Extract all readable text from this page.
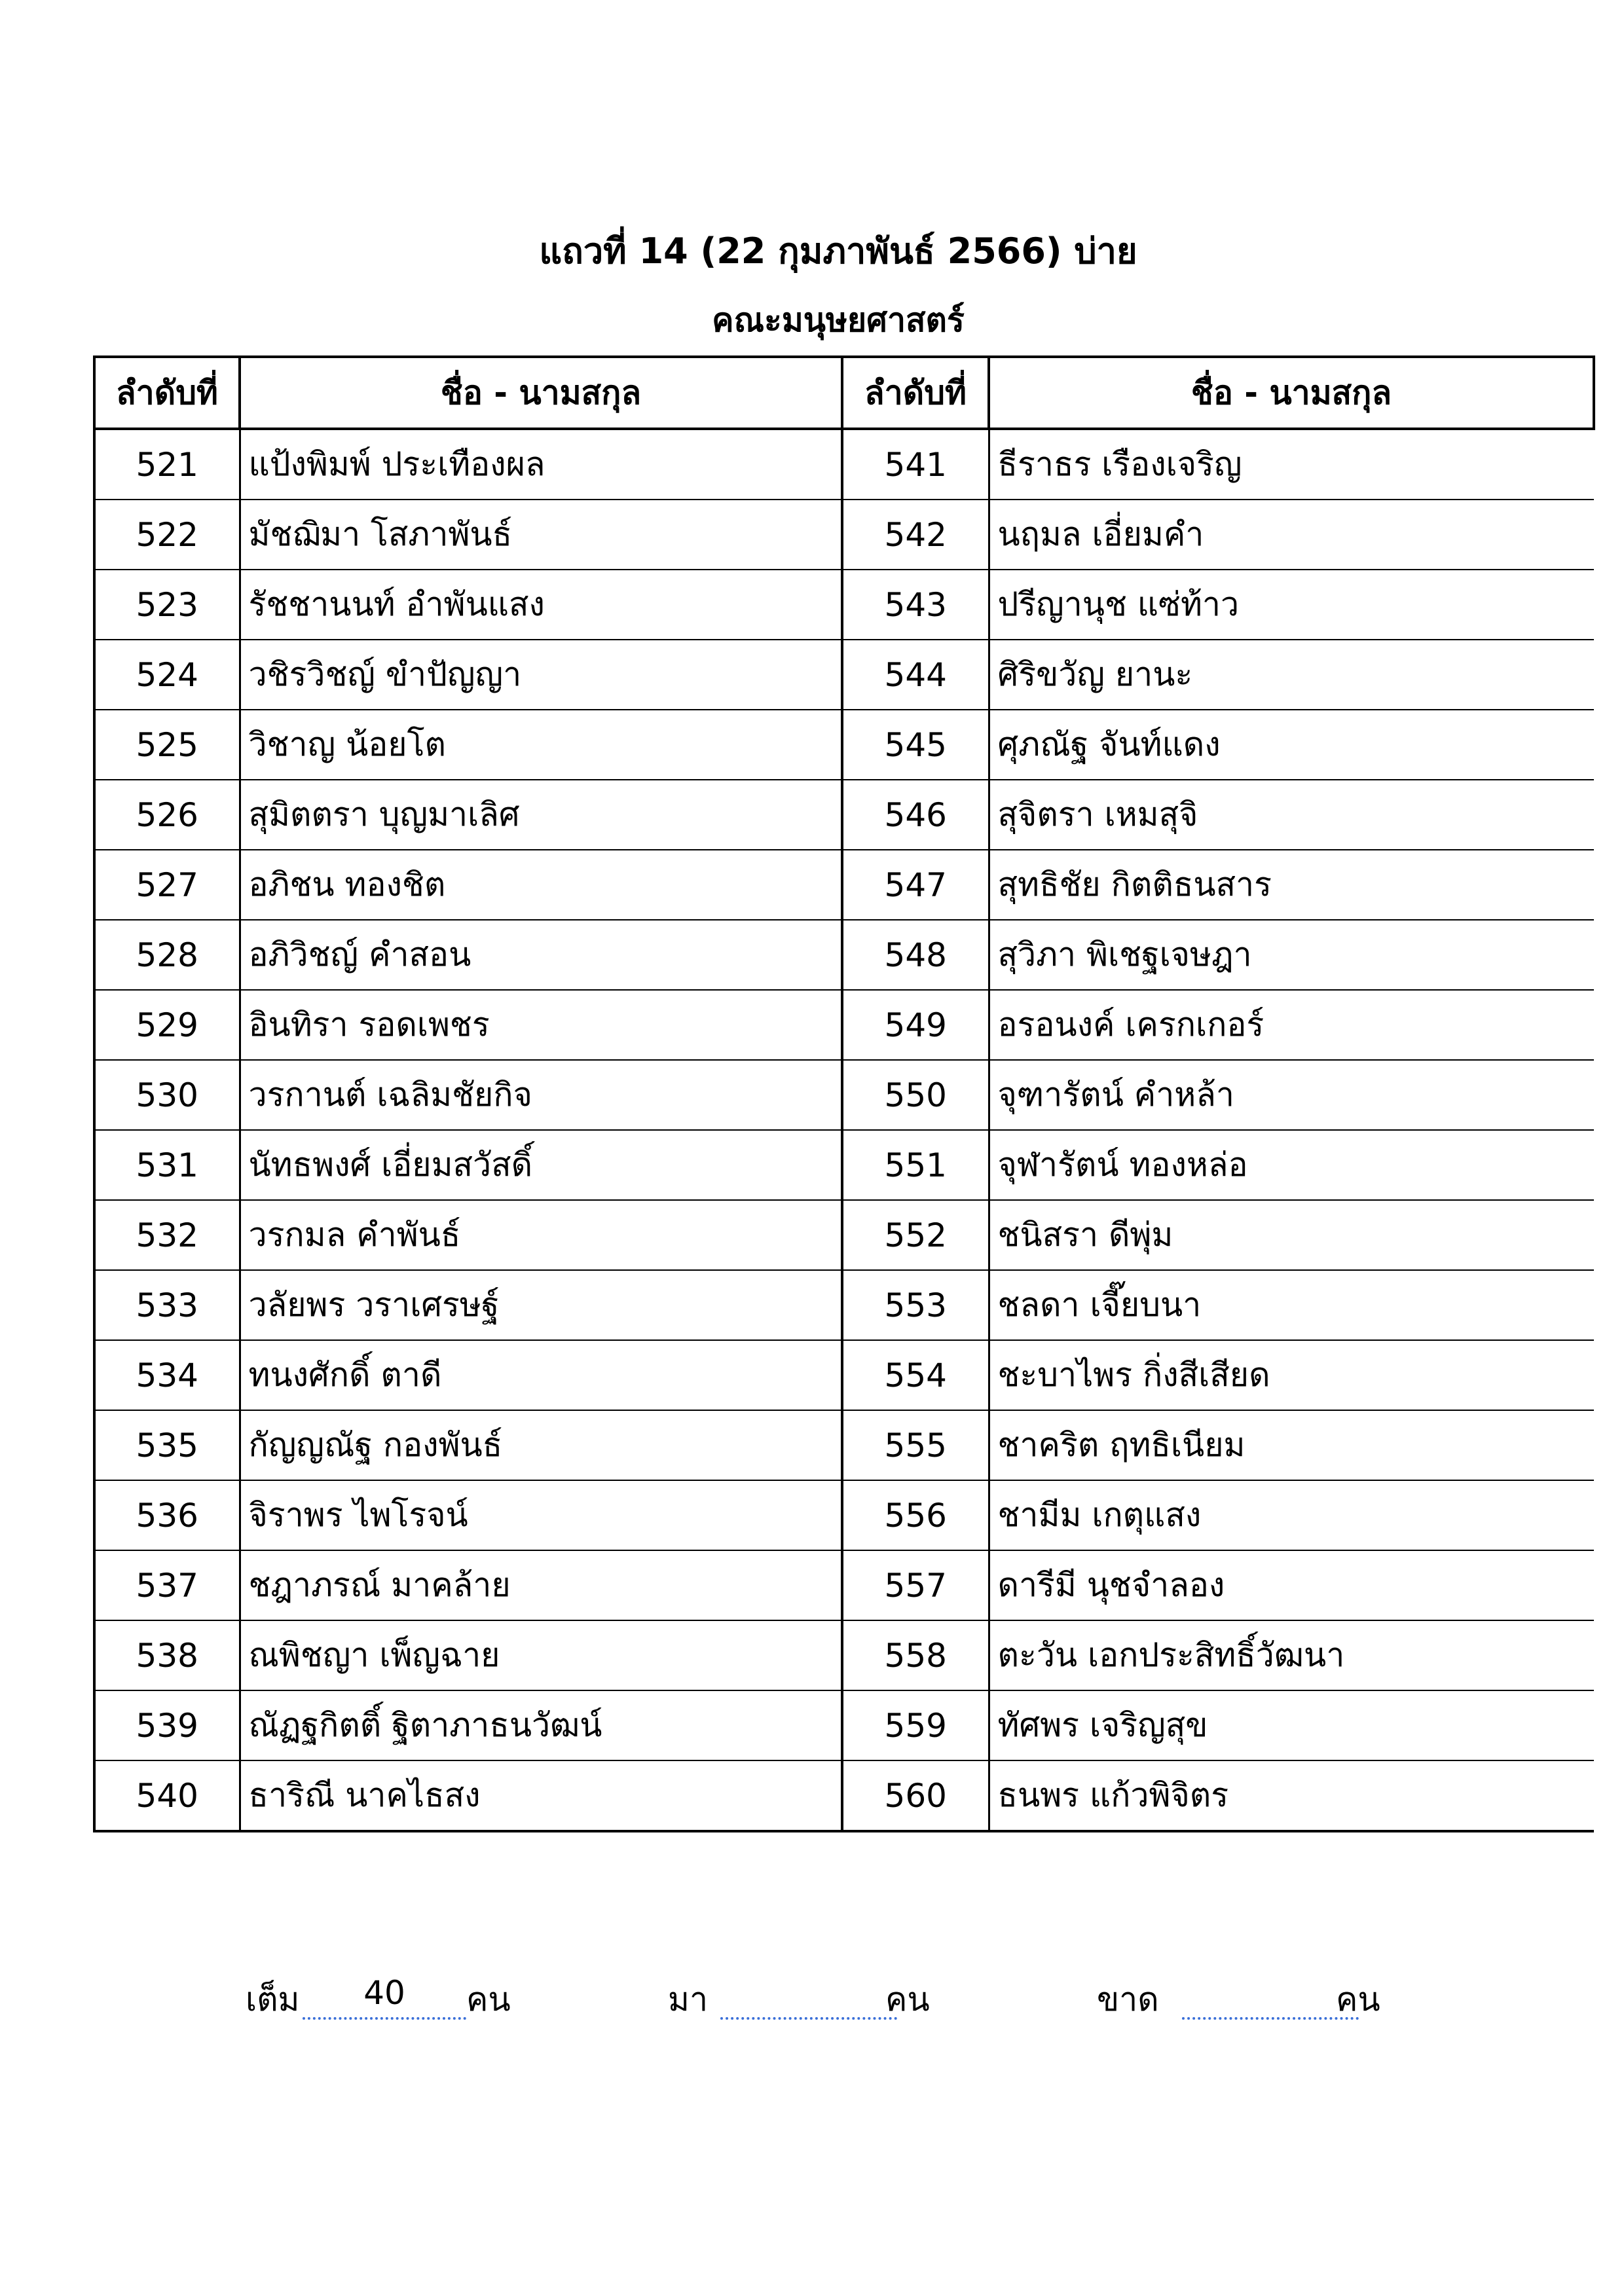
แถวที่ 14 (22 กุมภาพันธ์ 2566) บ่าย
คณะมนุษยศาสตร์
ลำดับที่	ชื่อ - นามสกุล	ลำดับที่	ชื่อ - นามสกุล
521	แป้งพิมพ์ ประเทืองผล	541	ธีราธร เรืองเจริญ
522	มัชฌิมา โสภาพันธ์	542	นฤมล เอี่ยมคำ
523	รัชชานนท์ อำพันแสง	543	ปรีญานุช แซ่ท้าว
524	วชิรวิชญ์ ขำปัญญา	544	ศิริขวัญ ยานะ
525	วิชาญ น้อยโต	545	ศุภณัฐ จันท์แดง
526	สุมิตตรา บุญมาเลิศ	546	สุจิตรา เหมสุจิ
527	อภิชน ทองชิต	547	สุทธิชัย กิตติธนสาร
528	อภิวิชญ์ คำสอน	548	สุวิภา พิเชฐเจษฎา
529	อินทิรา รอดเพชร	549	อรอนงค์ เครกเกอร์
530	วรกานต์ เฉลิมชัยกิจ	550	จุฑารัตน์ คำหล้า
531	นัทธพงศ์ เอี่ยมสวัสดิ์	551	จุฬารัตน์ ทองหล่อ
532	วรกมล คำพันธ์	552	ชนิสรา ดีพุ่ม
533	วลัยพร วราเศรษฐ์	553	ชลดา เจี๊ยบนา
534	ทนงศักดิ์ ตาดี	554	ชะบาไพร กิ่งสีเสียด
535	กัญญณัฐ กองพันธ์	555	ชาคริต ฤทธิเนียม
536	จิราพร ไพโรจน์	556	ชามีม เกตุแสง
537	ชฎาภรณ์ มาคล้าย	557	ดารีมี นุชจำลอง
538	ณพิชญา เพ็ญฉาย	558	ตะวัน เอกประสิทธิ์วัฒนา
539	ณัฏฐกิตติ์ ฐิตาภาธนวัฒน์	559	ทัศพร เจริญสุข
540	ธาริณี นาคไธสง	560	ธนพร แก้วพิจิตร
เต็ม	40	คน	มา	คน	ขาด	คน
